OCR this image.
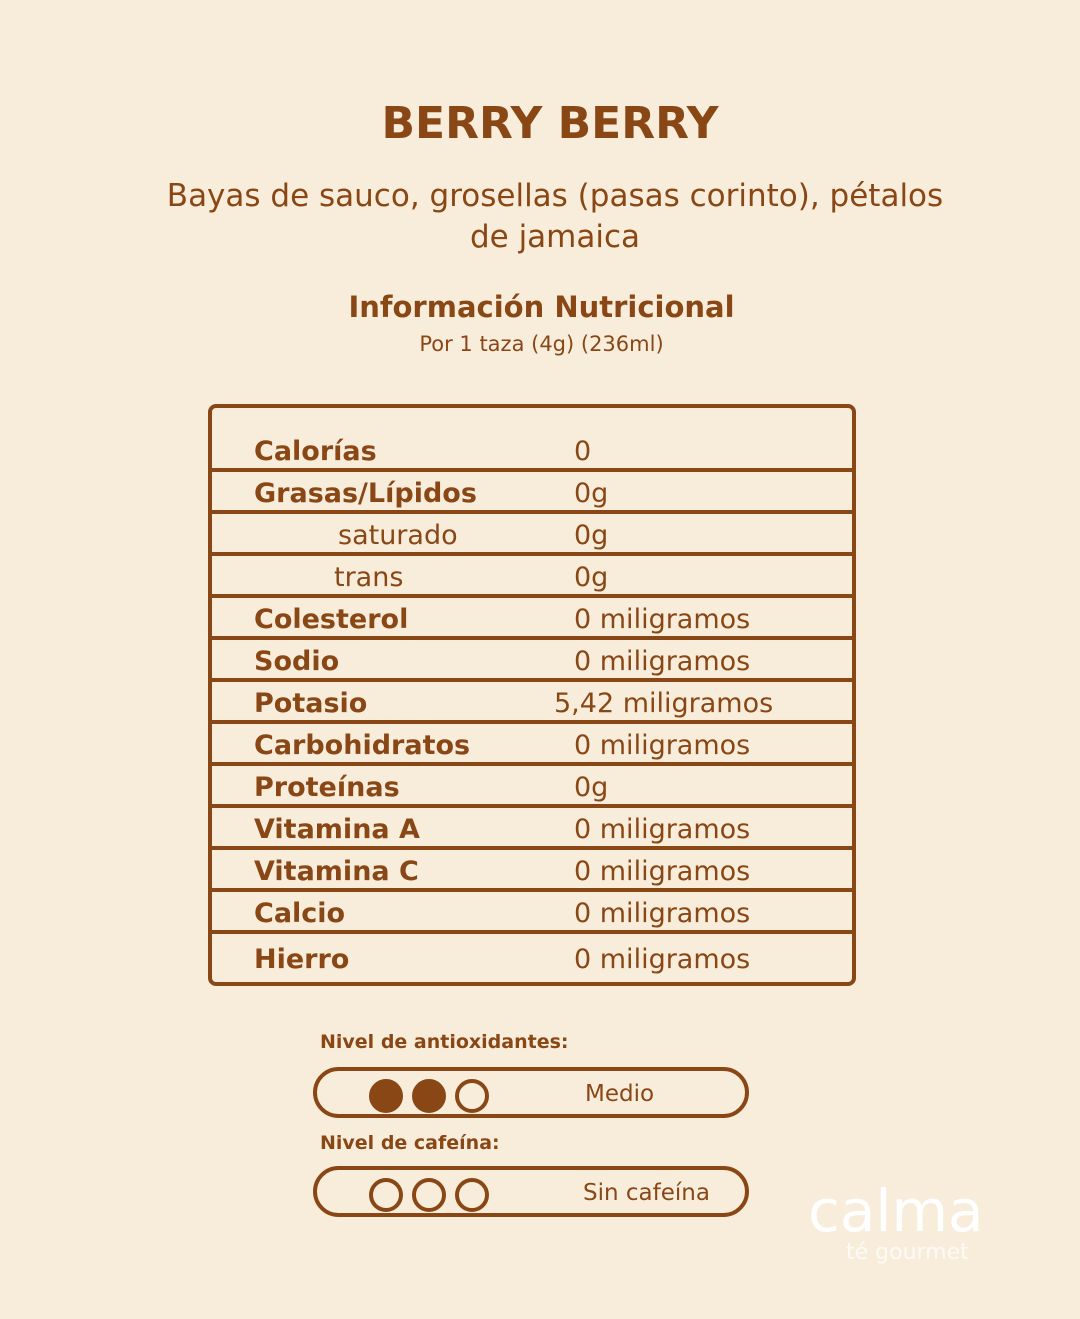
BERRY BERRY
Bayas de sauco, grosellas (pasas corinto), pétalos de jamaica
Información Nutricional
Por 1 taza (4g) (236ml)
Calorías	0
Grasas/Lípidos	0g
saturado	0g
trans	0g
Colesterol	0 miligramos
Sodio	0 miligramos
Potasio	5,42 miligramos
Carbohidratos	0 miligramos
Proteínas	0g
Vitamina A	0 miligramos
Vitamina C	0 miligramos
Calcio	0 miligramos
Hierro	0 miligramos
Nivel de antioxidantes:
Medio
Nivel de cafeína:
Sin cafeína calma
té gourmet
